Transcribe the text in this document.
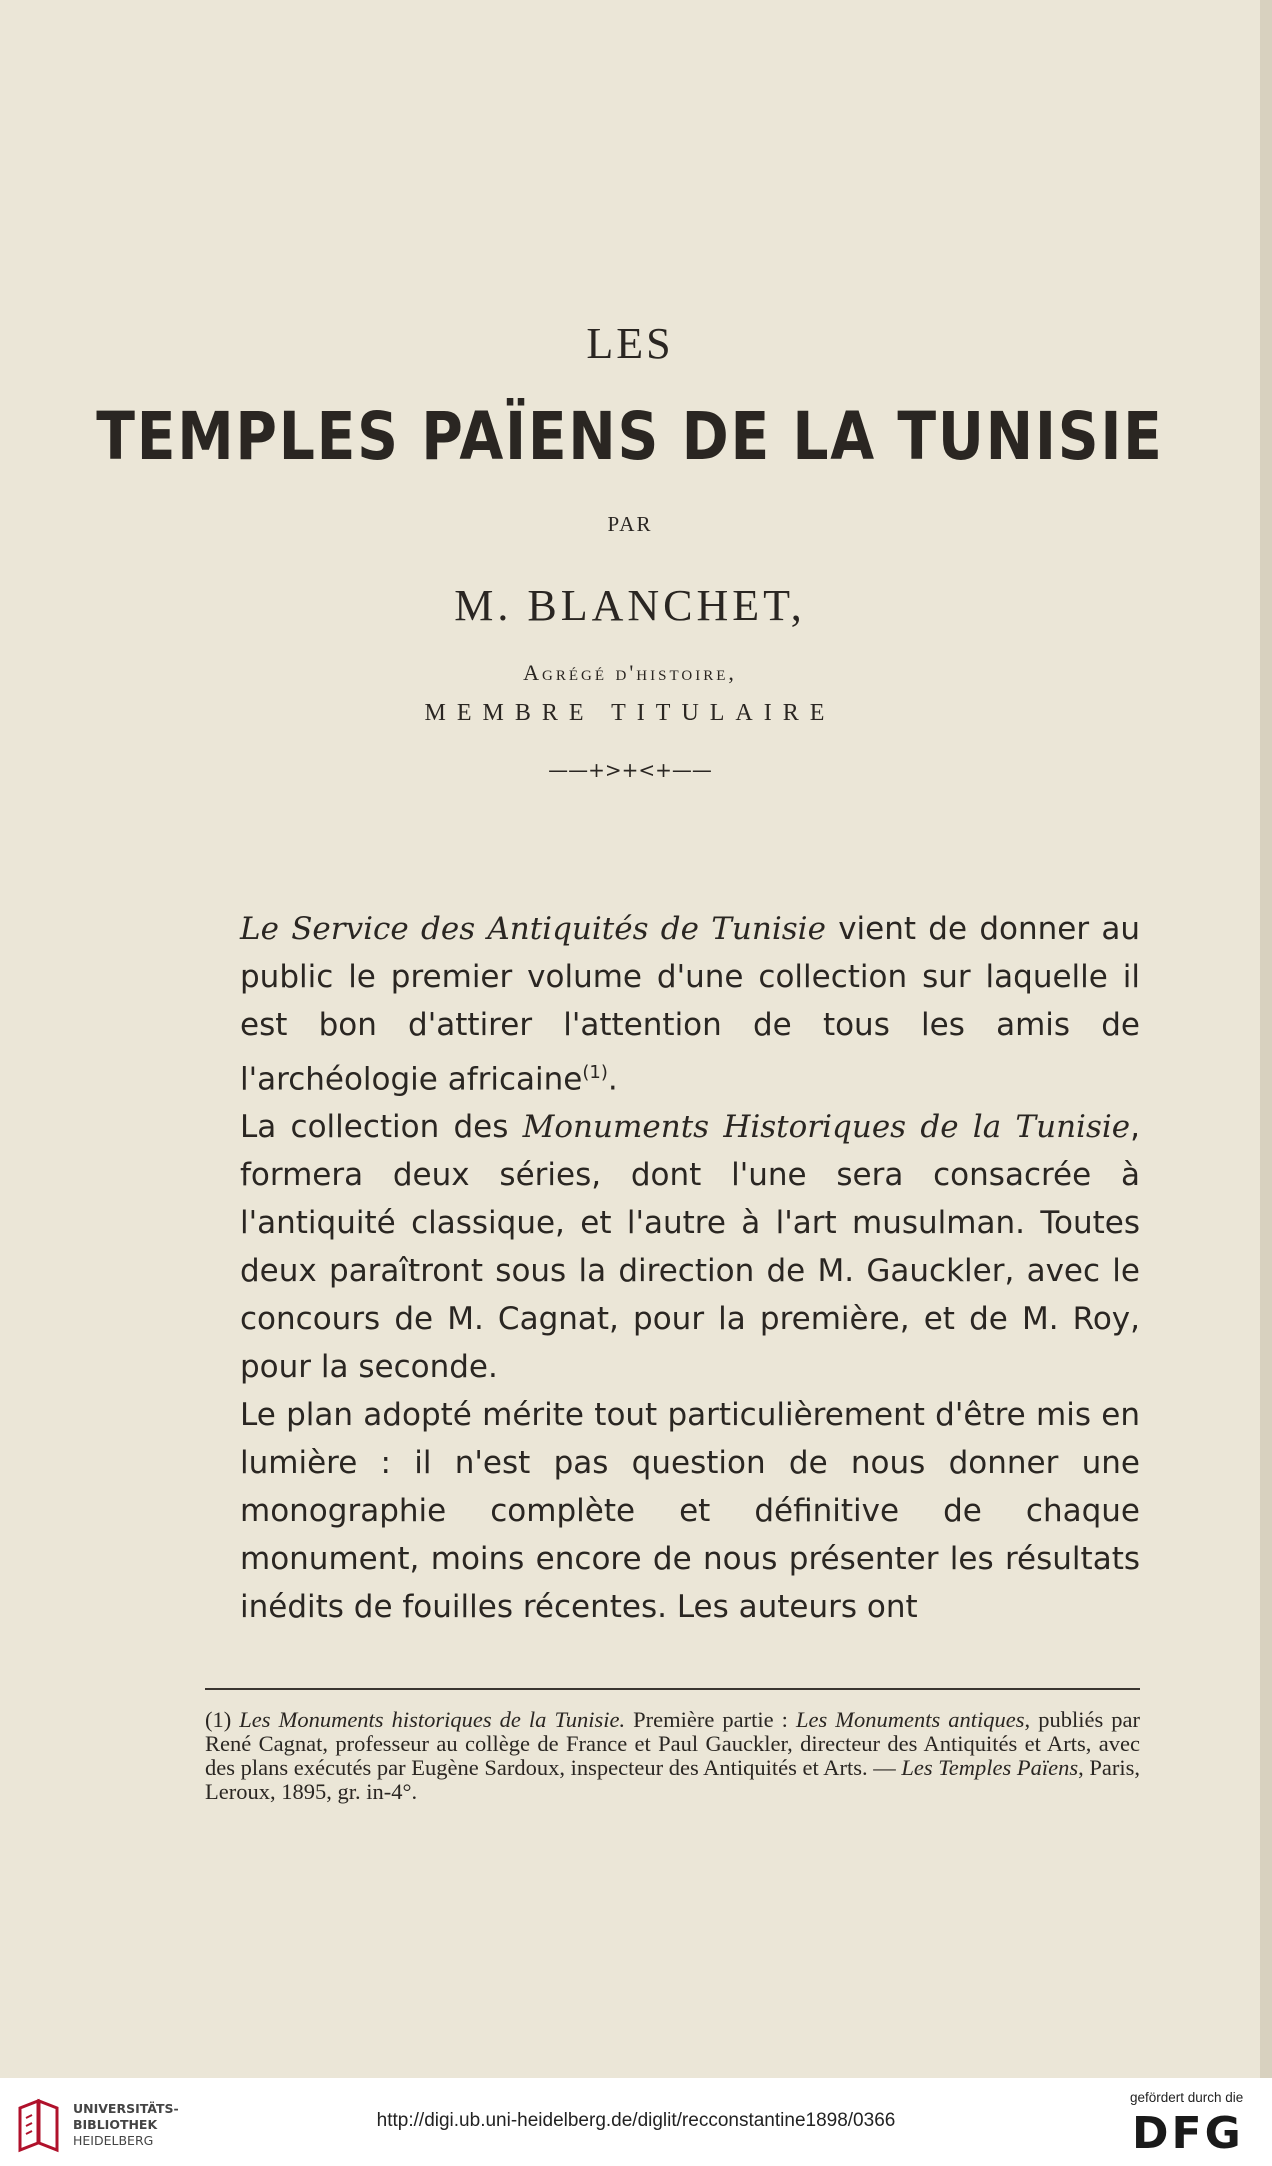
LES
TEMPLES PAÏENS DE LA TUNISIE
PAR
M. BLANCHET,
Agrégé d'histoire,
MEMBRE TITULAIRE
——+>+<+——

Le Service des Antiquités de Tunisie vient de donner au public le premier volume d'une collection sur laquelle il est bon d'attirer l'attention de tous les amis de l'archéologie africaine$^{(1)}$.

La collection des Monuments Historiques de la Tunisie, formera deux séries, dont l'une sera consacrée à l'antiquité classique, et l'autre à l'art musulman. Toutes deux paraîtront sous la direction de M. Gauckler, avec le concours de M. Cagnat, pour la première, et de M. Roy, pour la seconde.

Le plan adopté mérite tout particulièrement d'être mis en lumière : il n'est pas question de nous donner une monographie complète et définitive de chaque monument, moins encore de nous présenter les résultats inédits de fouilles récentes. Les auteurs ont

(1) Les Monuments historiques de la Tunisie. Première partie : Les Monuments antiques, publiés par René Cagnat, professeur au collège de France et Paul Gauckler, directeur des Antiquités et Arts, avec des plans exécutés par Eugène Sardoux, inspecteur des Antiquités et Arts. — Les Temples Païens, Paris, Leroux, 1895, gr. in-4°.
UNIVERSITÄTS-
BIBLIOTHEK
HEIDELBERG
http://digi.ub.uni-heidelberg.de/diglit/recconstantine1898/0366
gefördert durch die
DFG
